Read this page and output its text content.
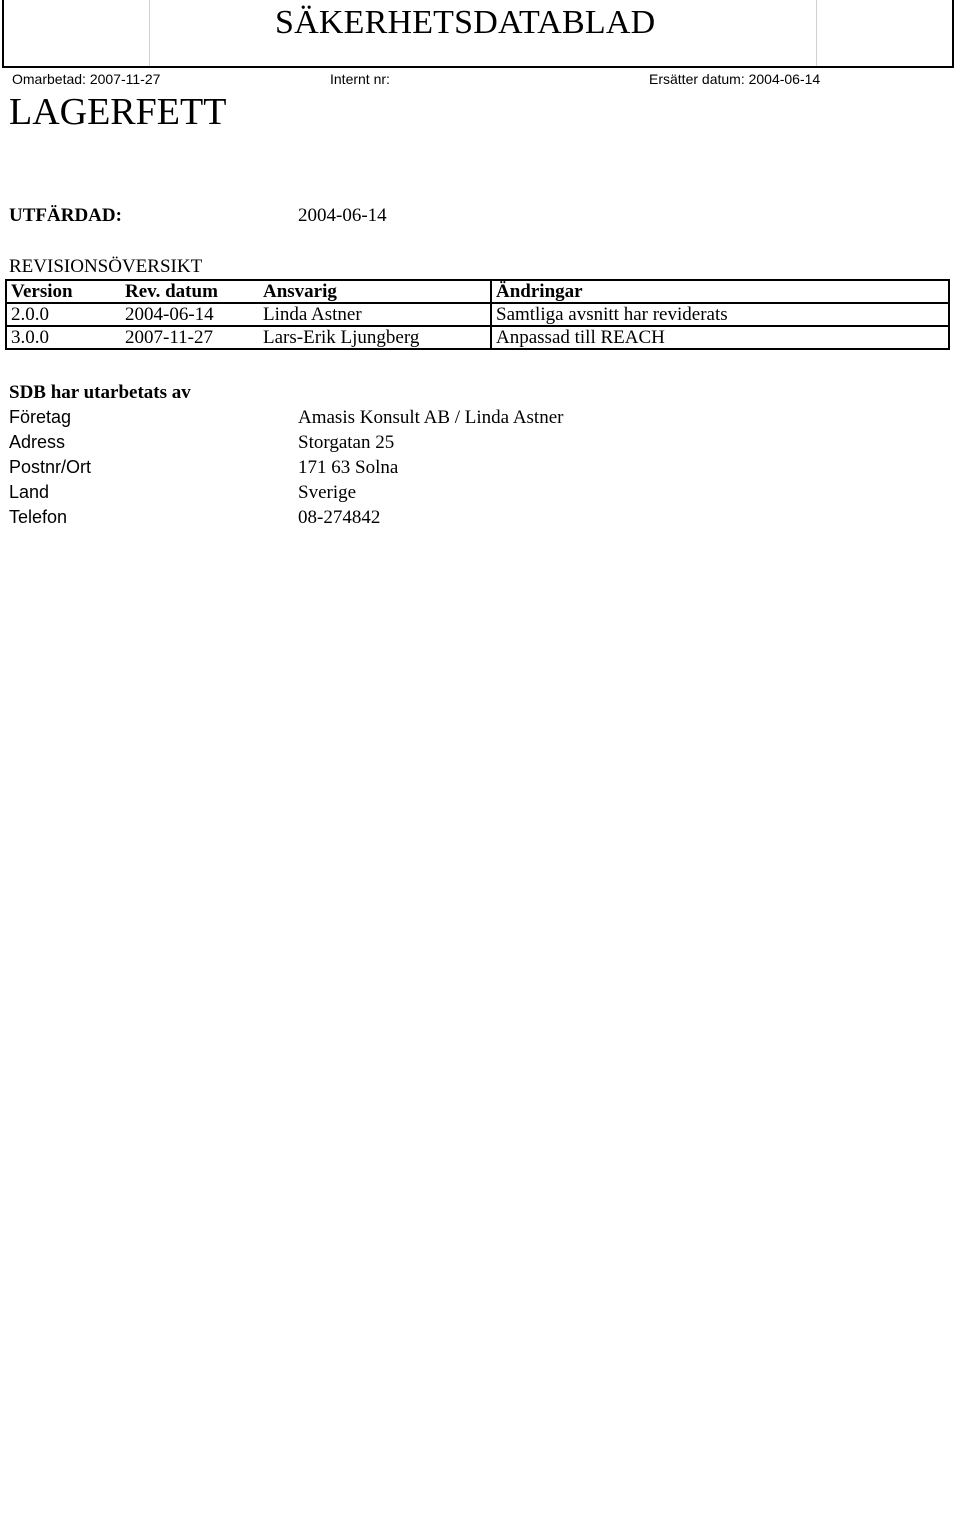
SÄKERHETSDATABLAD
Omarbetad: 2007-11-27	Internt nr:	Ersätter datum: 2004-06-14
LAGERFETT
UTFÄRDAD:	2004-06-14
REVISIONSÖVERSIKT
Version	Rev. datum	Ansvarig	Ändringar
2.0.0	2004-06-14	Linda Astner	Samtliga avsnitt har reviderats
3.0.0	2007-11-27	Lars-Erik Ljungberg	Anpassad till REACH
SDB har utarbetats av
Företag	Amasis Konsult AB / Linda Astner
Adress	Storgatan 25
Postnr/Ort	171 63 Solna
Land	Sverige
Telefon	08-274842
